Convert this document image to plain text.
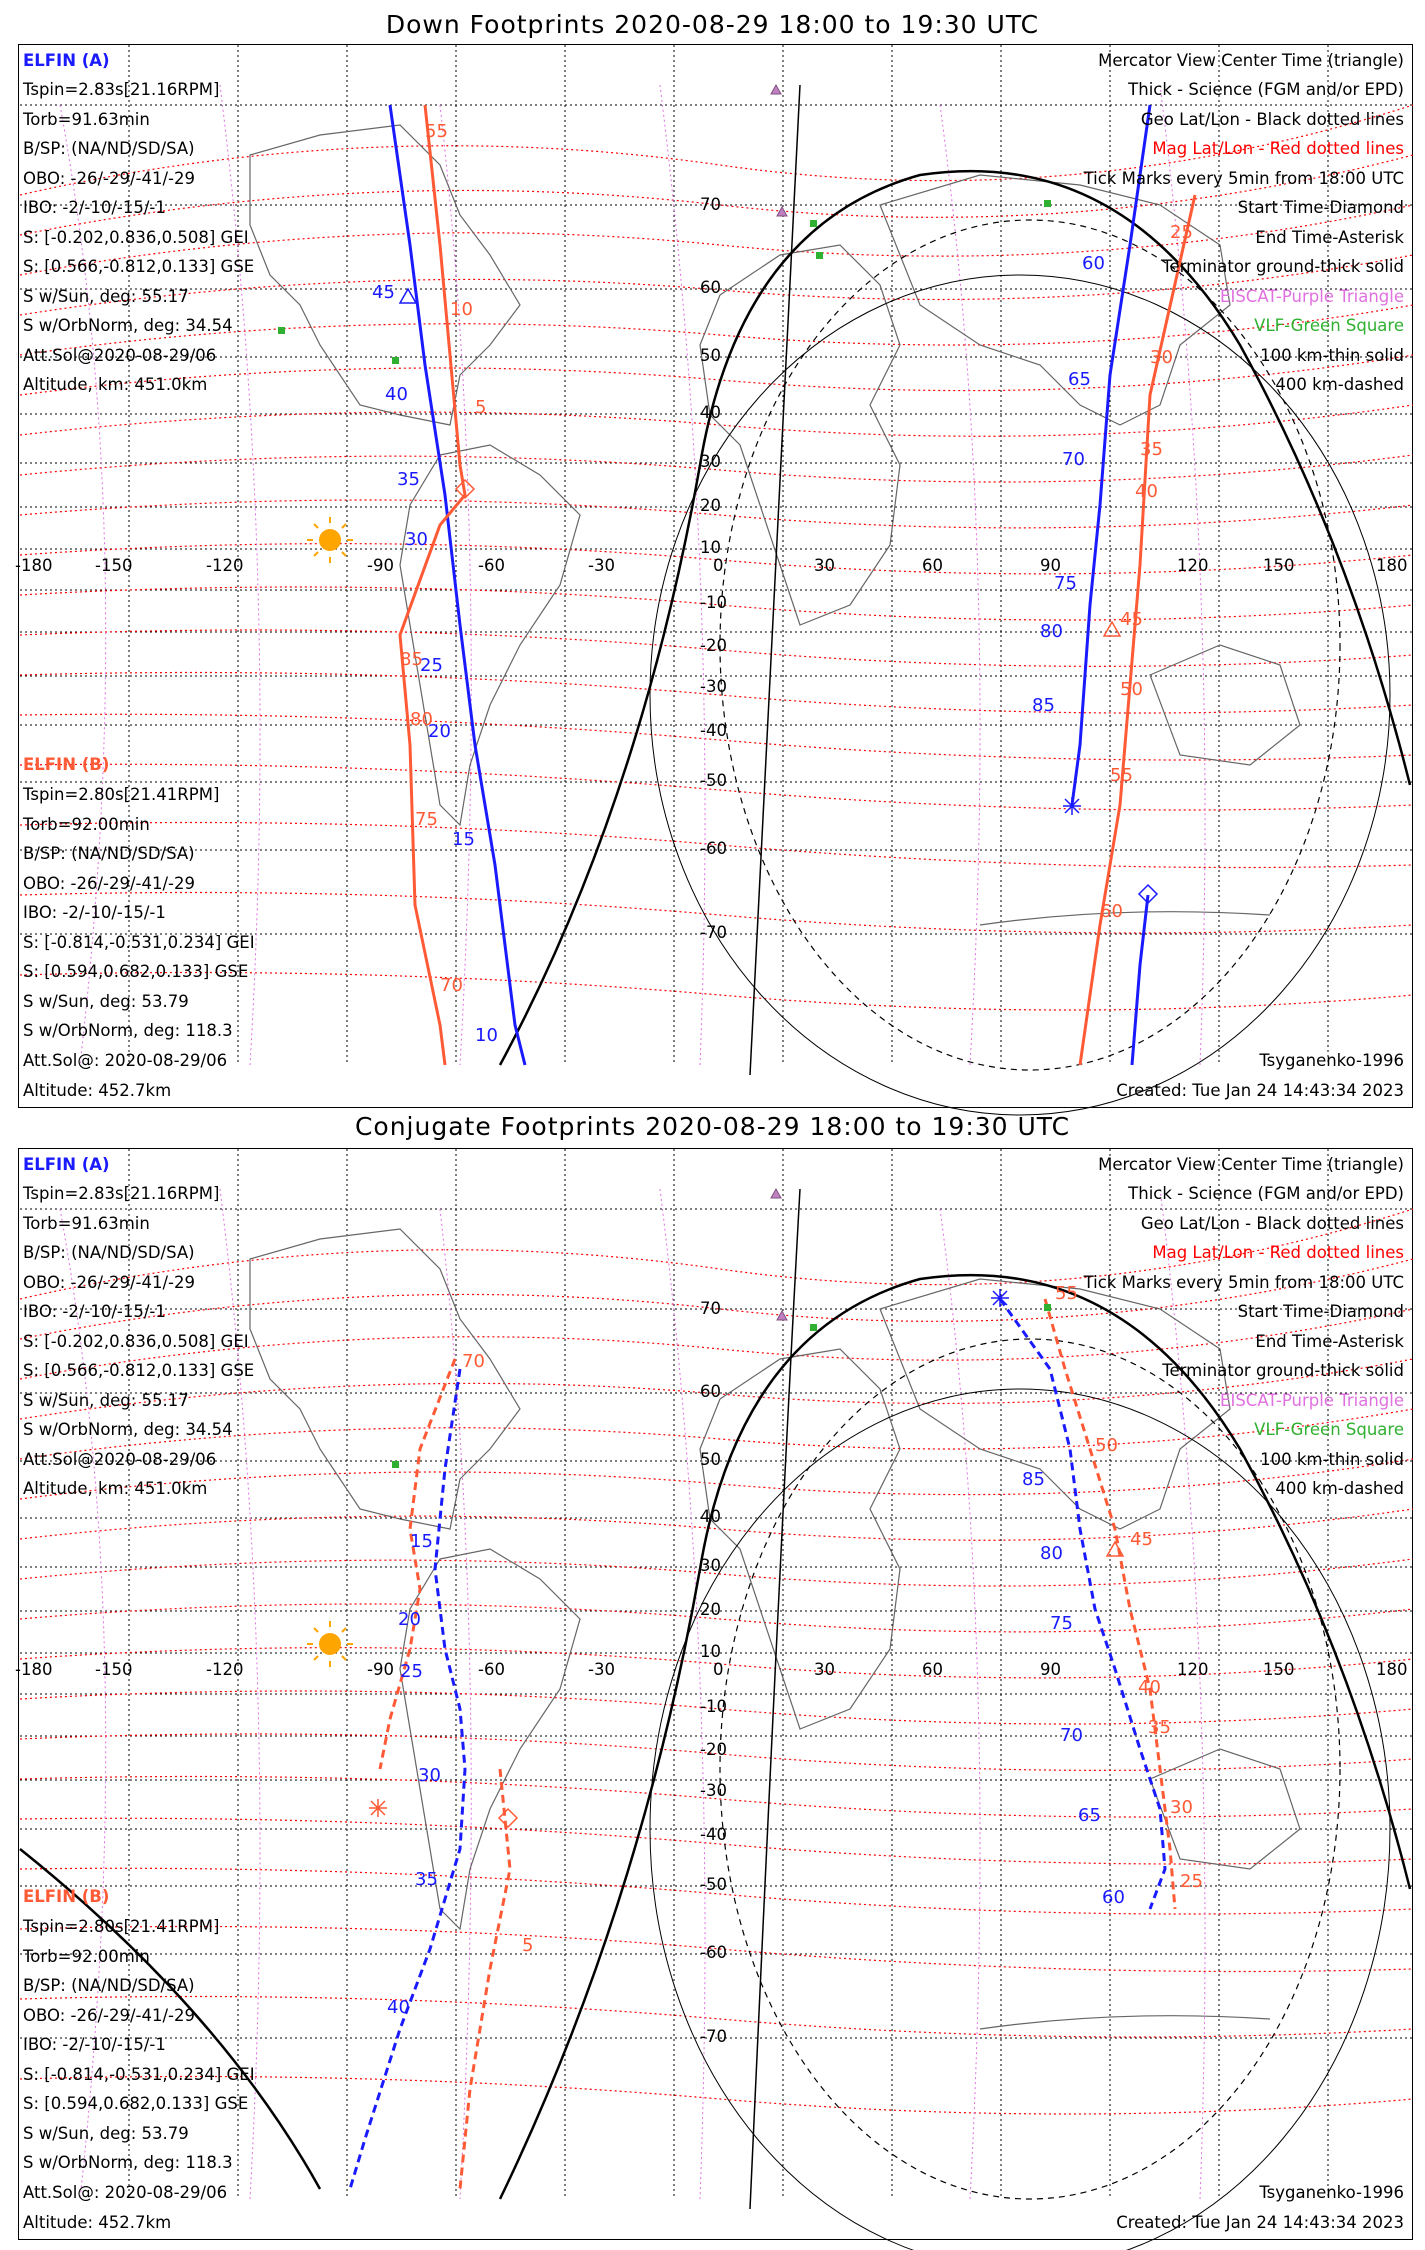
Down Footprints 2020-08-29 18:00 to 19:30 UTC
45
40
35
30
25
20
15
10
60
65
70
75
80
85
55
10
5
85
80
75
70
25
30
35
40
45
50
55
60
-180	-150	-120	-90	-60	-30	0	30	60	90	120	150	180
70
60
50
40
30
20
10
-10
-20
-30
-40
-50
-60
-70
ELFIN (A)
Tspin=2.83s[21.16RPM]
Torb=91.63min
B/SP: (NA/ND/SD/SA)
OBO: -26/-29/-41/-29
IBO: -2/-10/-15/-1
S: [-0.202,0.836,0.508] GEI
S: [0.566,-0.812,0.133] GSE
S w/Sun, deg: 55.17
S w/OrbNorm, deg: 34.54
Att.Sol@2020-08-29/06
Altitude, km: 451.0km
ELFIN (B)
Tspin=2.80s[21.41RPM]
Torb=92.00min
B/SP: (NA/ND/SD/SA)
OBO: -26/-29/-41/-29
IBO: -2/-10/-15/-1
S: [-0.814,-0.531,0.234] GEI
S: [0.594,0.682,0.133] GSE
S w/Sun, deg: 53.79
S w/OrbNorm, deg: 118.3
Att.Sol@: 2020-08-29/06
Altitude: 452.7km
Mercator View Center Time (triangle)
Thick - Science (FGM and/or EPD)
Geo Lat/Lon - Black dotted lines
Mag Lat/Lon - Red dotted lines
Tick Marks every 5min from 18:00 UTC
Start Time-Diamond
End Time-Asterisk
Terminator ground-thick solid
EISCAT-Purple Triangle
VLF-Green Square
100 km-thin solid
400 km-dashed
Tsyganenko-1996
Created: Tue Jan 24 14:43:34 2023
Conjugate Footprints 2020-08-29 18:00 to 19:30 UTC
15
20
25
30
35
40
85
80
75
70
65
60
70
5
55
50
45
40
35
30
25
-180	-150	-120	-90	-60	-30	0	30	60	90	120	150	180
70
60
50
40
30
20
10
-10
-20
-30
-40
-50
-60
-70
ELFIN (A)
Tspin=2.83s[21.16RPM]
Torb=91.63min
B/SP: (NA/ND/SD/SA)
OBO: -26/-29/-41/-29
IBO: -2/-10/-15/-1
S: [-0.202,0.836,0.508] GEI
S: [0.566,-0.812,0.133] GSE
S w/Sun, deg: 55.17
S w/OrbNorm, deg: 34.54
Att.Sol@2020-08-29/06
Altitude, km: 451.0km
ELFIN (B)
Tspin=2.80s[21.41RPM]
Torb=92.00min
B/SP: (NA/ND/SD/SA)
OBO: -26/-29/-41/-29
IBO: -2/-10/-15/-1
S: [-0.814,-0.531,0.234] GEI
S: [0.594,0.682,0.133] GSE
S w/Sun, deg: 53.79
S w/OrbNorm, deg: 118.3
Att.Sol@: 2020-08-29/06
Altitude: 452.7km
Mercator View Center Time (triangle)
Thick - Science (FGM and/or EPD)
Geo Lat/Lon - Black dotted lines
Mag Lat/Lon - Red dotted lines
Tick Marks every 5min from 18:00 UTC
Start Time-Diamond
End Time-Asterisk
Terminator ground-thick solid
EISCAT-Purple Triangle
VLF-Green Square
100 km-thin solid
400 km-dashed
Tsyganenko-1996
Created: Tue Jan 24 14:43:34 2023
